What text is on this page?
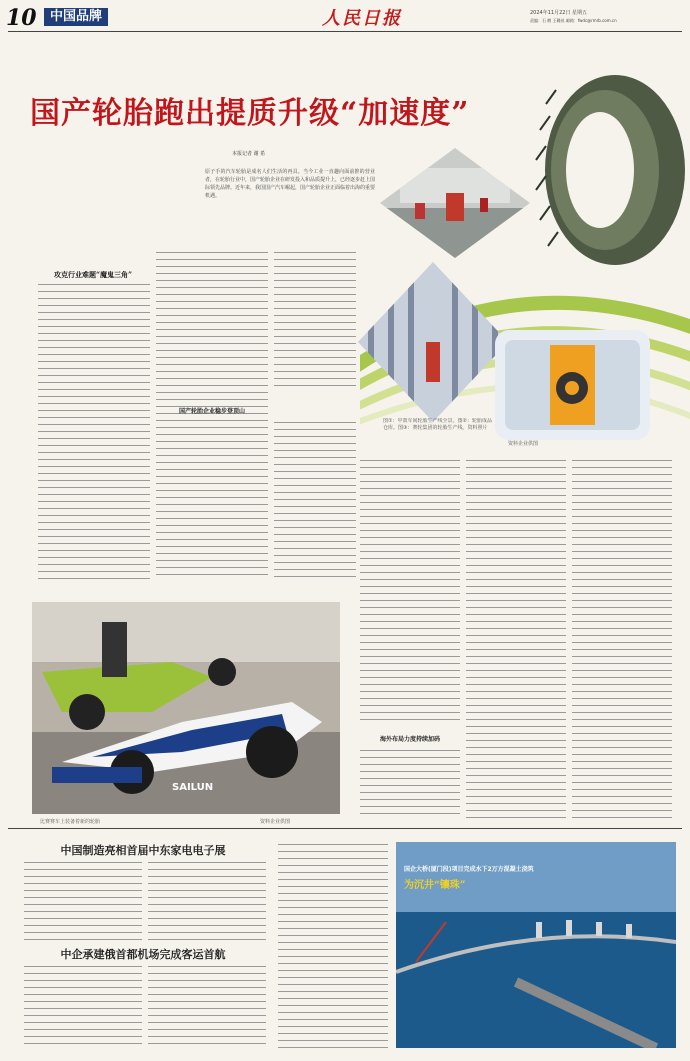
10	中国品牌	人民日报	2024年11月22日 星期五
责编：石 鹤 王璐丝 邮箱：fwdc@rmrb.com.cn
国产轮胎跑出提质升级“加速度”
本报记者 谢 希
原子手的汽车轮胎是成名人们生活的再具。当今工业一直趣向面前推的营业者，在轮胎行业中，国产轮胎企业在研发投入和品质提升上，已经逐步赶上国际领先品牌。近年来，我国国产汽车崛起，国产轮胎企业正面临着出海的重要机遇。
图①：中策车间轮胎生产线全景。图②：轮胎成品仓库。图③：赛轮集团的轮胎生产线。资料照片
资料企业供图
攻克行业难题“魔鬼三角”
国产轮胎企业稳步登顶山
SAILUN
比赛赛车上装备着新的轮胎	资料企业供图
海外布局力度持续加码
中国制造亮相首届中东家电电子展
中企承建俄首都机场完成客运首航
国企大桥(厦门段)项目完成水下2万方混凝土浇筑
为沉井“镶珠”
